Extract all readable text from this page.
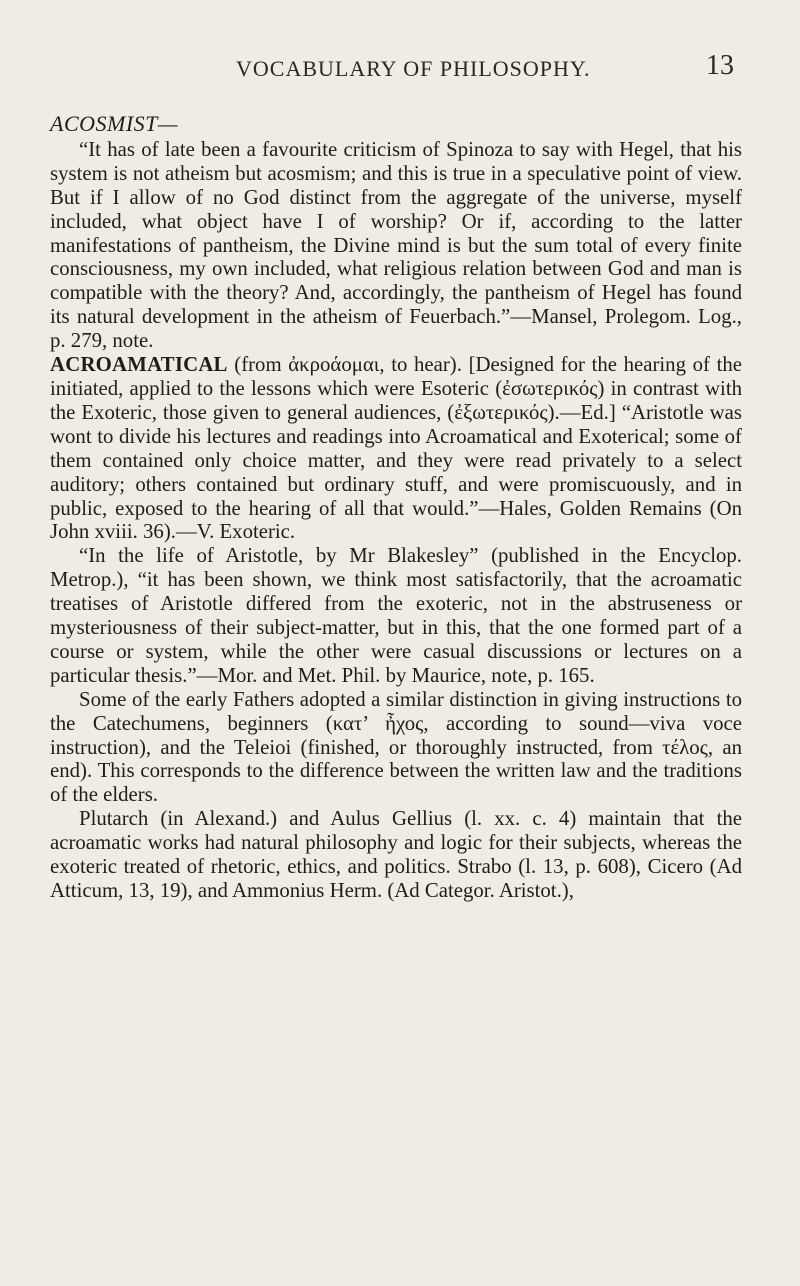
VOCABULARY OF PHILOSOPHY.	13
ACOSMIST—

“It has of late been a favourite criticism of Spinoza to say with Hegel, that his system is not atheism but acosmism; and this is true in a speculative point of view. But if I allow of no God distinct from the aggregate of the universe, myself included, what object have I of worship? Or if, according to the latter manifestations of pantheism, the Divine mind is but the sum total of every finite consciousness, my own included, what religious relation between God and man is compatible with the theory? And, accordingly, the pantheism of Hegel has found its natural development in the atheism of Feuerbach.”—Mansel, Prolegom. Log., p. 279, note.

ACROAMATICAL (from ἀκροάομαι, to hear). [Designed for the hearing of the initiated, applied to the lessons which were Esoteric (ἐσωτερικός) in contrast with the Exoteric, those given to general audiences, (ἐξωτερικός).—Ed.] “Aristotle was wont to divide his lectures and readings into Acroamatical and Exoterical; some of them contained only choice matter, and they were read privately to a select auditory; others contained but ordinary stuff, and were promiscuously, and in public, exposed to the hearing of all that would.”—Hales, Golden Remains (On John xviii. 36).—V. Exoteric.

“In the life of Aristotle, by Mr Blakesley” (published in the Encyclop. Metrop.), “it has been shown, we think most satisfactorily, that the acroamatic treatises of Aristotle differed from the exoteric, not in the abstruseness or mysteriousness of their subject-matter, but in this, that the one formed part of a course or system, while the other were casual discussions or lectures on a particular thesis.”—Mor. and Met. Phil. by Maurice, note, p. 165.

Some of the early Fathers adopted a similar distinction in giving instructions to the Catechumens, beginners (κατ’ ἦχος, according to sound—viva voce instruction), and the Teleioi (finished, or thoroughly instructed, from τέλος, an end). This corresponds to the difference between the written law and the traditions of the elders.

Plutarch (in Alexand.) and Aulus Gellius (l. xx. c. 4) maintain that the acroamatic works had natural philosophy and logic for their subjects, whereas the exoteric treated of rhetoric, ethics, and politics. Strabo (l. 13, p. 608), Cicero (Ad Atticum, 13, 19), and Ammonius Herm. (Ad Categor. Aristot.),
